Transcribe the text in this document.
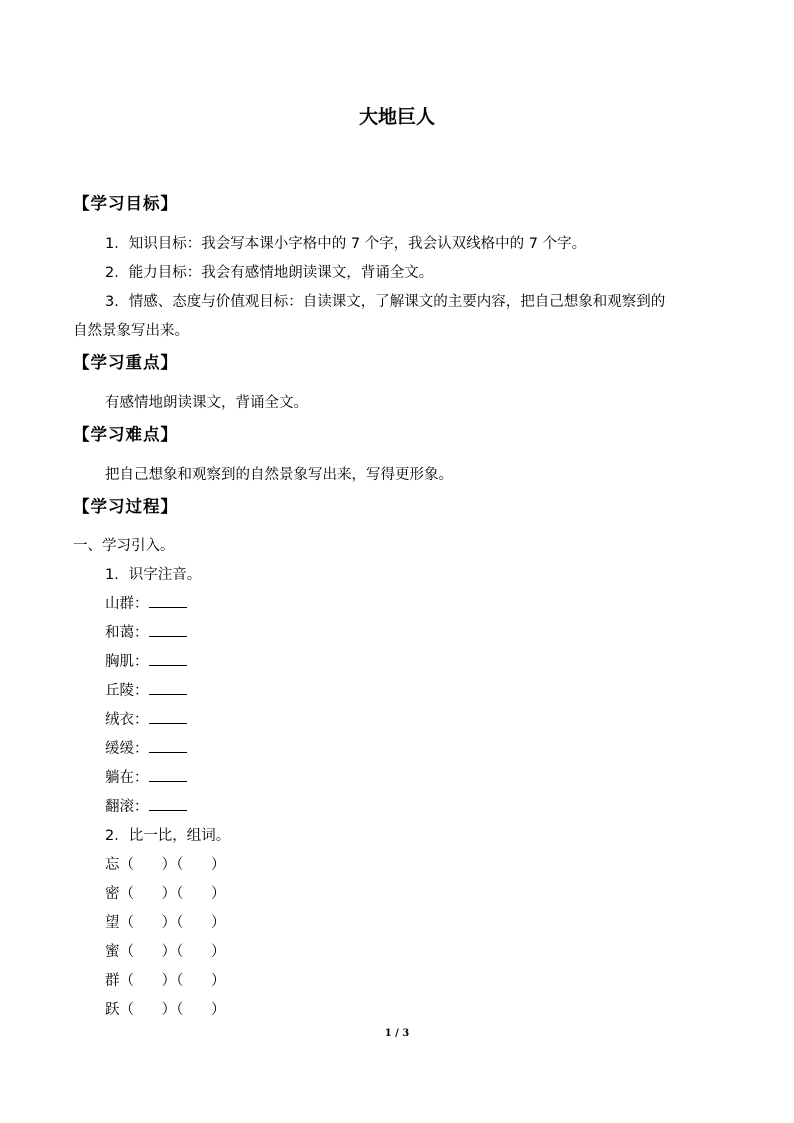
大地巨人
【学习目标】
1．知识目标：我会写本课小字格中的 7 个字，我会认双线格中的 7 个字。
2．能力目标：我会有感情地朗读课文，背诵全文。
3．情感、态度与价值观目标：自读课文，了解课文的主要内容，把自己想象和观察到的
自然景象写出来。
【学习重点】
有感情地朗读课文，背诵全文。
【学习难点】
把自己想象和观察到的自然景象写出来，写得更形象。
【学习过程】
一、学习引入。
1．识字注音。
山群：
和蔼：
胸肌：
丘陵：
绒衣：
缓缓：
躺在：
翻滚：
2．比一比，组词。
忘（      ）（      ）
密（      ）（      ）
望（      ）（      ）
蜜（      ）（      ）
群（      ）（      ）
跃（      ）（      ）
1 / 3
